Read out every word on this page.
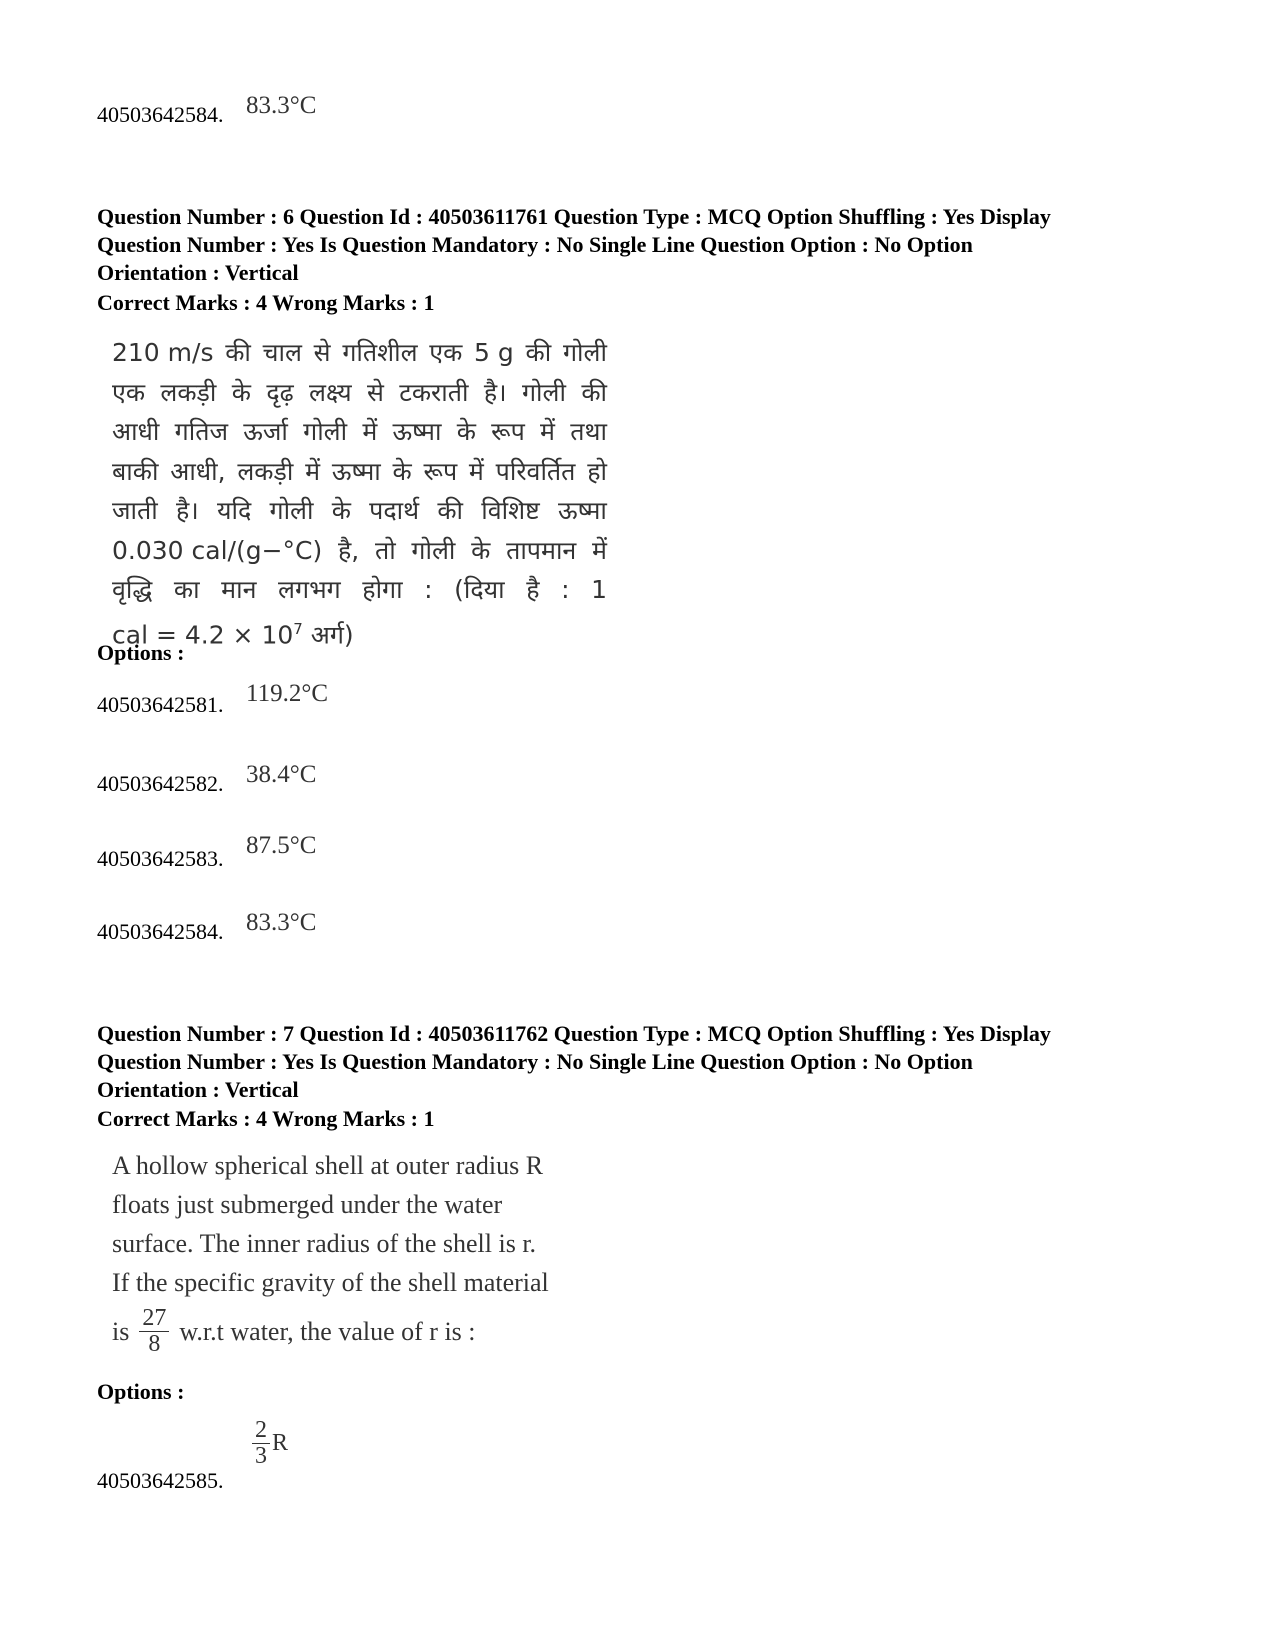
40503642584. 83.3°C
Question Number : 6 Question Id : 40503611761 Question Type : MCQ Option Shuffling : Yes Display
Question Number : Yes Is Question Mandatory : No Single Line Question Option : No Option
Orientation : Vertical
Correct Marks : 4 Wrong Marks : 1
210 m/s की चाल से गतिशील एक 5 g की गोली
एक लकड़ी के दृढ़ लक्ष्य से टकराती है। गोली की
आधी गतिज ऊर्जा गोली में ऊष्मा के रूप में तथा
बाकी आधी, लकड़ी में ऊष्मा के रूप में परिवर्तित हो
जाती है। यदि गोली के पदार्थ की विशिष्ट ऊष्मा
0.030 cal/(g−°C) है, तो गोली के तापमान में
वृद्धि का मान लगभग होगा : (दिया है : 1
cal = $4.2 \times 10^7$ अर्ग)
Options :
40503642581. 119.2°C
40503642582. 38.4°C
40503642583. 87.5°C
40503642584. 83.3°C
Question Number : 7 Question Id : 40503611762 Question Type : MCQ Option Shuffling : Yes Display
Question Number : Yes Is Question Mandatory : No Single Line Question Option : No Option
Orientation : Vertical
Correct Marks : 4 Wrong Marks : 1
A hollow spherical shell at outer radius R
floats just submerged under the water
surface. The inner radius of the shell is r.
If the specific gravity of the shell material
is $\frac{27}{8} w.r.t$ water, the value of r is :
Options :
40503642585.
$\frac{2}{3}$ R
